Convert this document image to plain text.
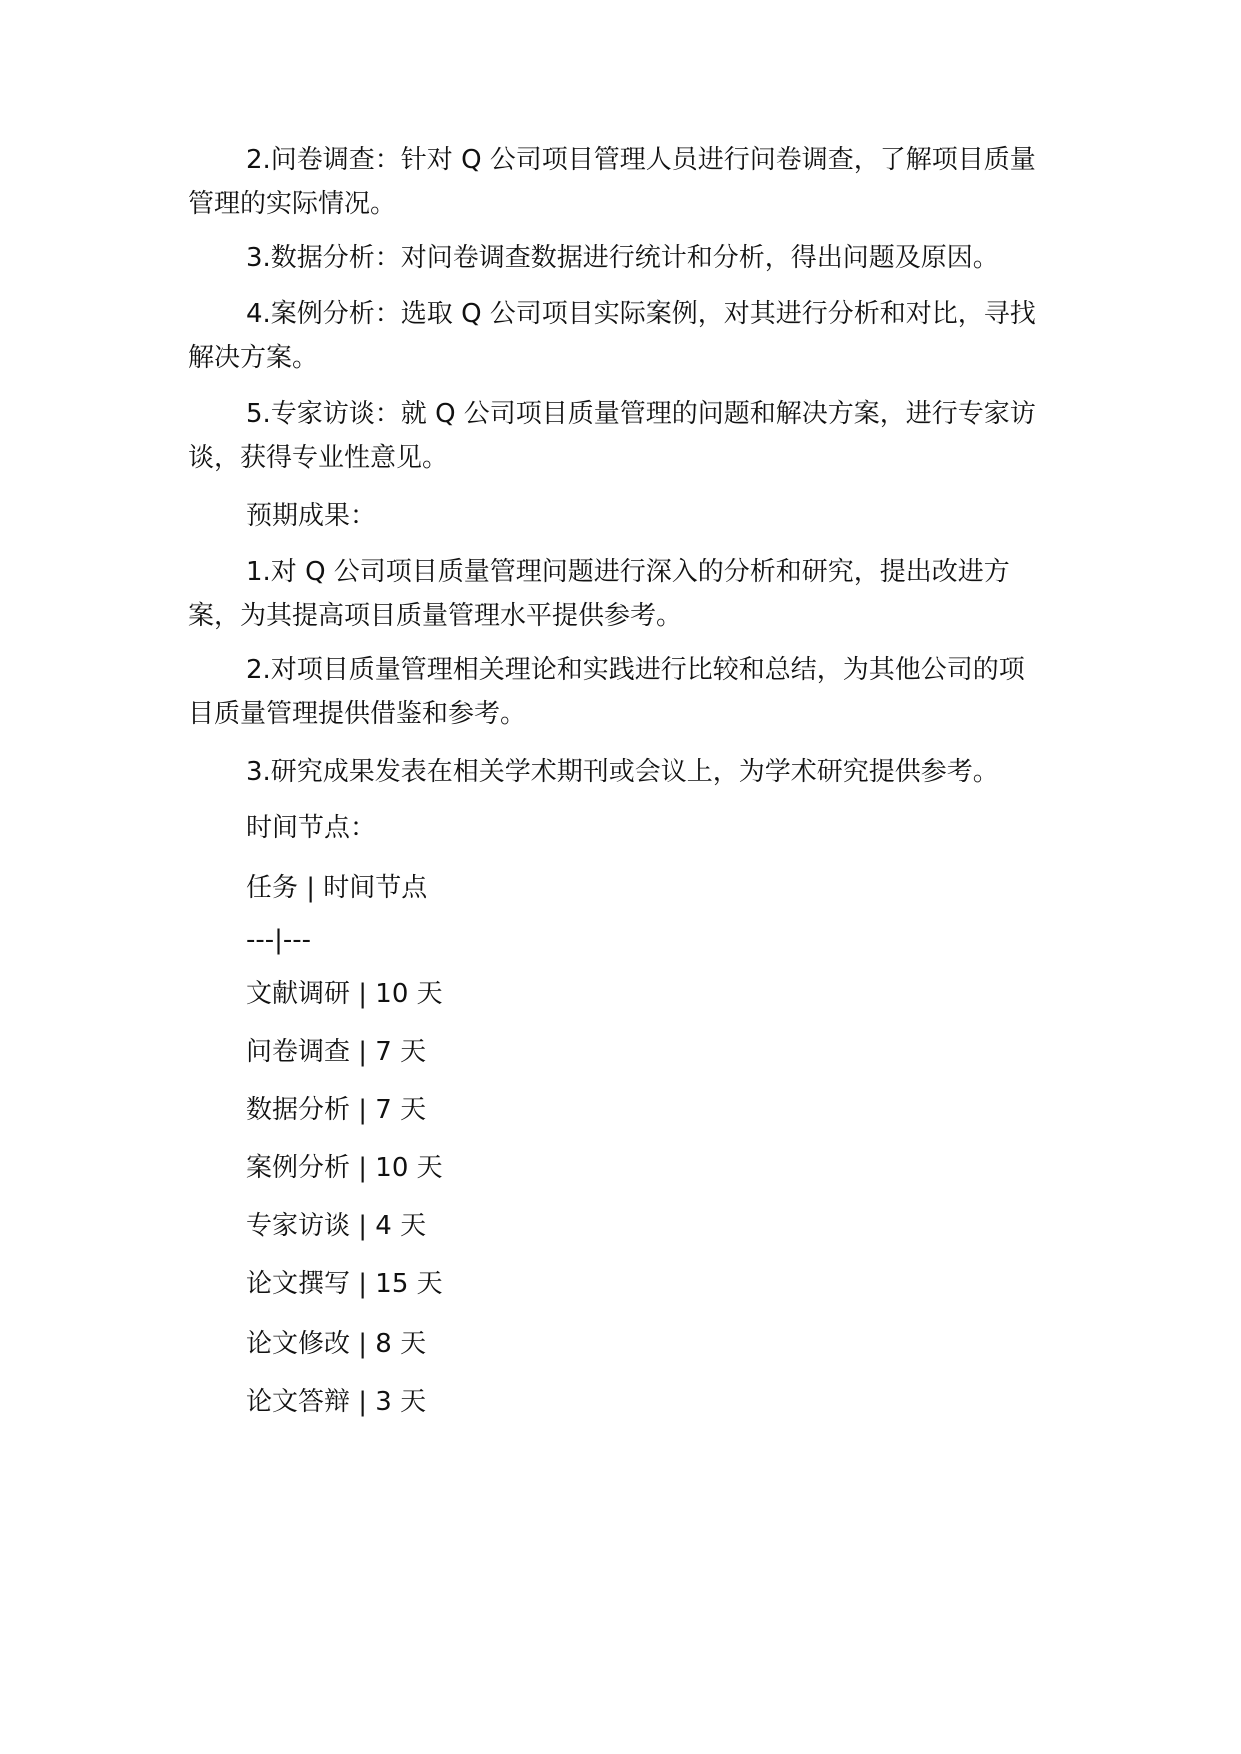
2.问卷调查：针对 Q 公司项目管理人员进行问卷调查，了解项目质量管理的实际情况。

3.数据分析：对问卷调查数据进行统计和分析，得出问题及原因。

4.案例分析：选取 Q 公司项目实际案例，对其进行分析和对比，寻找解决方案。

5.专家访谈：就 Q 公司项目质量管理的问题和解决方案，进行专家访谈，获得专业性意见。

预期成果：

1.对 Q 公司项目质量管理问题进行深入的分析和研究，提出改进方案，为其提高项目质量管理水平提供参考。

2.对项目质量管理相关理论和实践进行比较和总结，为其他公司的项目质量管理提供借鉴和参考。

3.研究成果发表在相关学术期刊或会议上，为学术研究提供参考。

时间节点：

任务 | 时间节点

---|---

文献调研 | 10 天

问卷调查 | 7 天

数据分析 | 7 天

案例分析 | 10 天

专家访谈 | 4 天

论文撰写 | 15 天

论文修改 | 8 天

论文答辩 | 3 天
